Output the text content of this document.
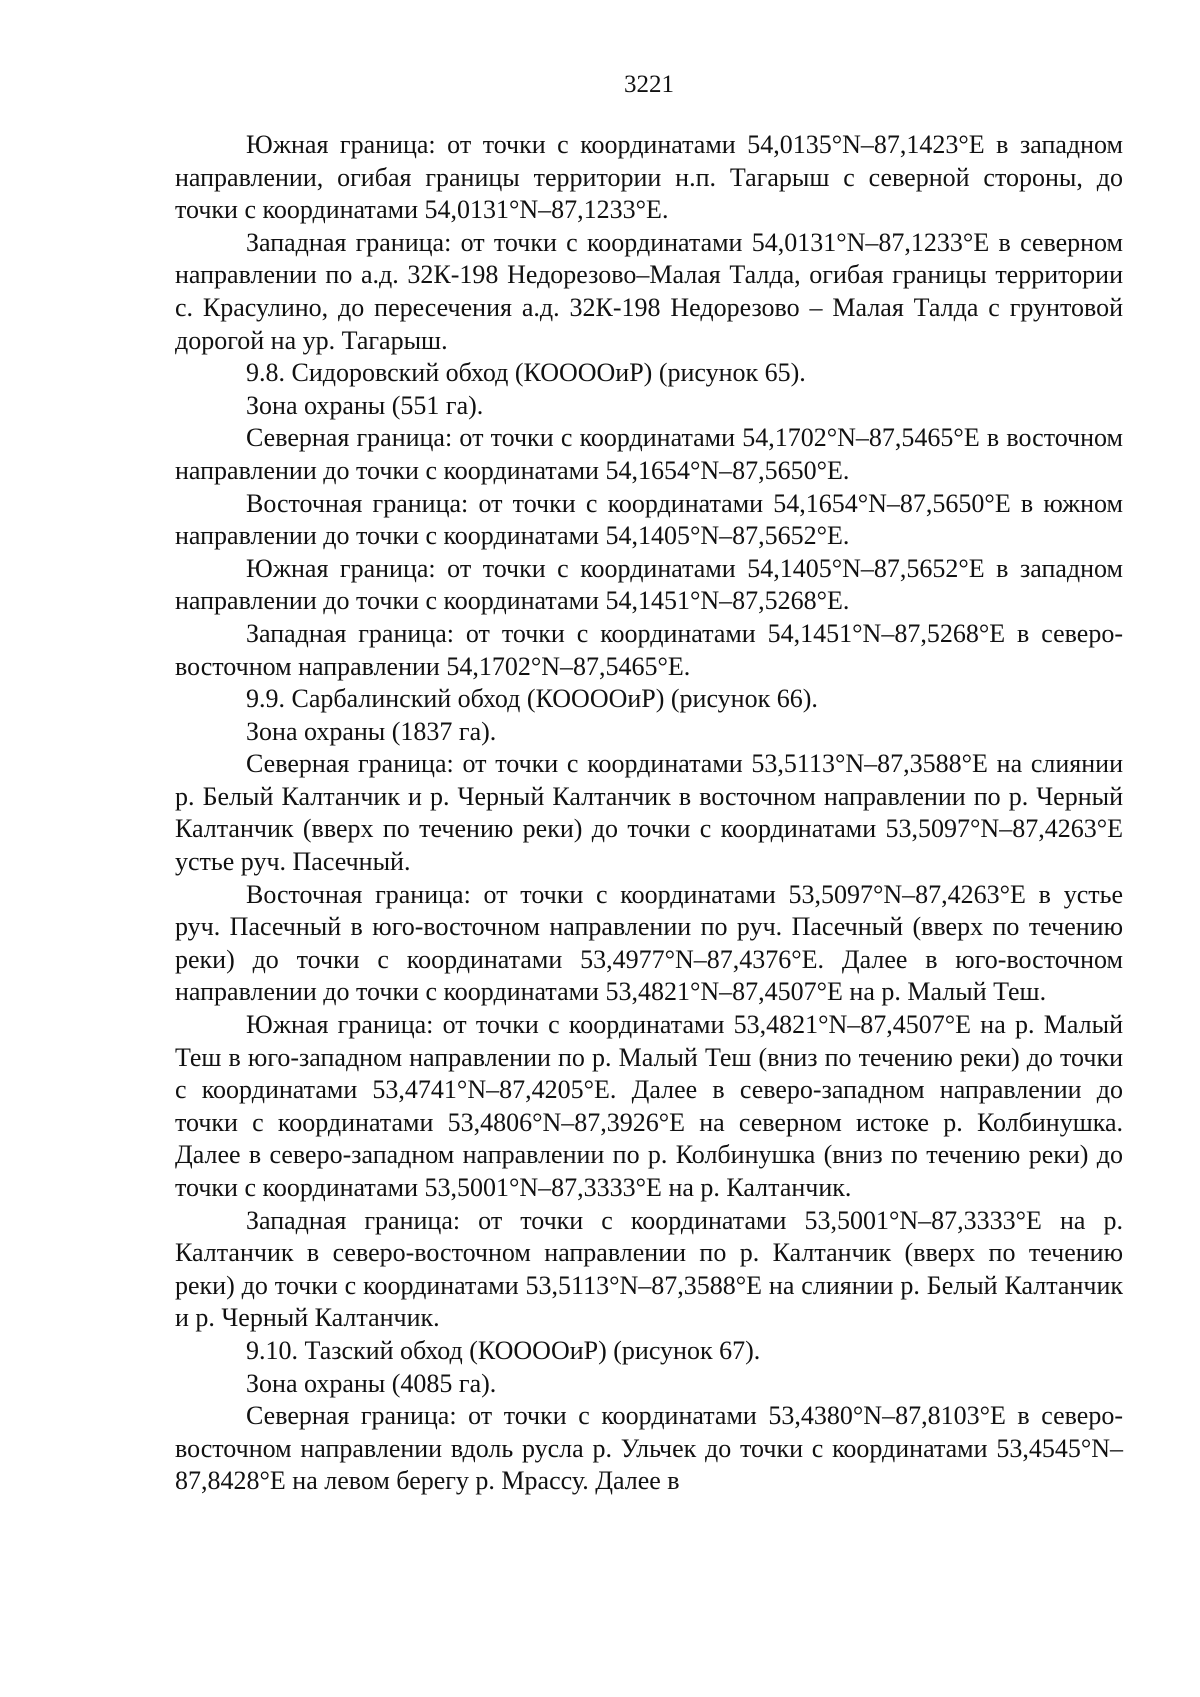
3221

Южная граница: от точки с координатами 54,0135°N–87,1423°E в западном направлении, огибая границы территории н.п. Тагарыш с северной стороны, до точки с координатами 54,0131°N–87,1233°E.

Западная граница: от точки с координатами 54,0131°N–87,1233°E в северном направлении по а.д. 32К-198 Недорезово–Малая Талда, огибая границы территории с. Красулино, до пересечения а.д. 32К-198 Недорезово – Малая Талда с грунтовой дорогой на ур. Тагарыш.

9.8. Сидоровский обход (КООООиР) (рисунок 65).

Зона охраны (551 га).

Северная граница: от точки с координатами 54,1702°N–87,5465°E в восточном направлении до точки с координатами 54,1654°N–87,5650°E.

Восточная граница: от точки с координатами 54,1654°N–87,5650°E в южном направлении до точки с координатами 54,1405°N–87,5652°E.

Южная граница: от точки с координатами 54,1405°N–87,5652°E в западном направлении до точки с координатами 54,1451°N–87,5268°E.

Западная граница: от точки с координатами 54,1451°N–87,5268°E в северо-восточном направлении 54,1702°N–87,5465°E.

9.9. Сарбалинский обход (КООООиР) (рисунок 66).

Зона охраны (1837 га).

Северная граница: от точки с координатами 53,5113°N–87,3588°E на слиянии р. Белый Калтанчик и р. Черный Калтанчик в восточном направлении по р. Черный Калтанчик (вверх по течению реки) до точки с координатами 53,5097°N–87,4263°E устье руч. Пасечный.

Восточная граница: от точки с координатами 53,5097°N–87,4263°E в устье руч. Пасечный в юго-восточном направлении по руч. Пасечный (вверх по течению реки) до точки с координатами 53,4977°N–87,4376°E. Далее в юго-восточном направлении до точки с координатами 53,4821°N–87,4507°E на р. Малый Теш.

Южная граница: от точки с координатами 53,4821°N–87,4507°E на р. Малый Теш в юго-западном направлении по р. Малый Теш (вниз по течению реки) до точки с координатами 53,4741°N–87,4205°E. Далее в северо-западном направлении до точки с координатами 53,4806°N–87,3926°E на северном истоке р. Колбинушка. Далее в северо-западном направлении по р. Колбинушка (вниз по течению реки) до точки с координатами 53,5001°N–87,3333°E на р. Калтанчик.

Западная граница: от точки с координатами 53,5001°N–87,3333°E на р. Калтанчик в северо-восточном направлении по р. Калтанчик (вверх по течению реки) до точки с координатами 53,5113°N–87,3588°E на слиянии р. Белый Калтанчик и р. Черный Калтанчик.

9.10. Тазский обход (КООООиР) (рисунок 67).

Зона охраны (4085 га).

Северная граница: от точки с координатами 53,4380°N–87,8103°E в северо-восточном направлении вдоль русла р. Ульчек до точки с координатами 53,4545°N–87,8428°E на левом берегу р. Мрассу. Далее в
